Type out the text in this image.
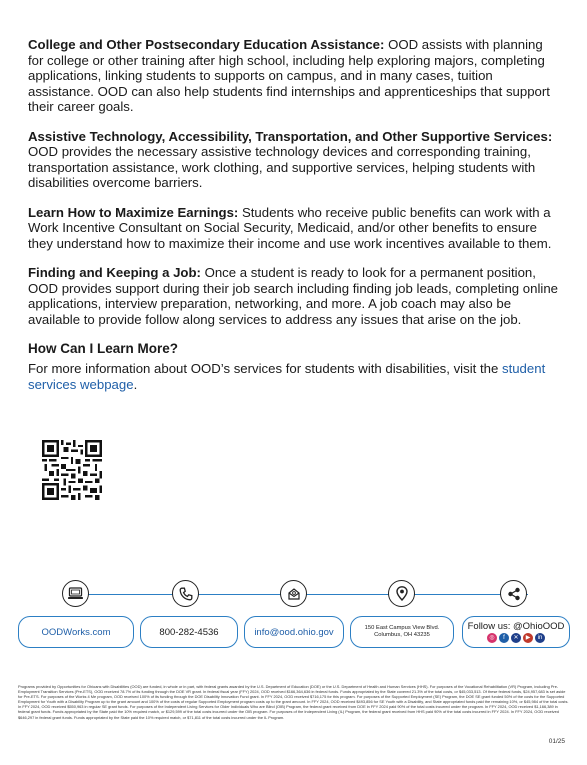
College and Other Postsecondary Education Assistance: OOD assists with planning for college or other training after high school, including help exploring majors, completing applications, linking students to supports on campus, and in many cases, tuition assistance. OOD can also help students find internships and apprenticeships that support their career goals.

Assistive Technology, Accessibility, Transportation, and Other Supportive Services: OOD provides the necessary assistive technology devices and corresponding training, transportation assistance, work clothing, and supportive services, helping students with disabilities overcome barriers.

Learn How to Maximize Earnings: Students who receive public benefits can work with a Work Incentive Consultant on Social Security, Medicaid, and/or other benefits to ensure they understand how to maximize their income and use work incentives available to them.

Finding and Keeping a Job: Once a student is ready to look for a permanent position, OOD provides support during their job search including finding job leads, completing online applications, interview preparation, networking, and more. A job coach may also be available to provide follow along services to address any issues that arise on the job.

How Can I Learn More?

For more information about OOD’s services for students with disabilities, visit the student services webpage.

OODWorks.com	800-282-4536	info@ood.ohio.gov	150 East Campus View Blvd.
Columbus, OH 43235
Follow us: @OhioOOD
◎	f	✕	▶	in
Programs provided by Opportunities for Ohioans with Disabilities (OOD) are funded, in whole or in part, with federal grants awarded by the U.S. Department of Education (DOE) or the U.S. Department of Health and Human Services (HHS). For purposes of the Vocational Rehabilitation (VR) Program, including Pre-Employment Transition Services (Pre-ETS), OOD received 78.7% of its funding through the DOE VR grant. In federal fiscal year (FFY) 2024, OOD received $166,364,636 in federal funds. Funds appropriated by the State covered 21.3% of the total costs, or $45,033,513. Of these federal funds, $24,957,683 is set aside for Pre-ETS. For purposes of the Works 4 Me program, OOD received 100% of its funding through the DOE Disability Innovation Fund grant. In FFY 2024, OOD received $716,175 for this program. For purposes of the Supported Employment (SE) Program, the DOE SE grant funded 50% of the costs for the Supported Employment for Youth with a Disability Program up to the grant amount and 100% of the costs of regular Supported Employment program costs up to the grant amount. In FFY 2024, OOD received $493,856 for SE Youth with a Disability, and State appropriated funds paid the remaining 10%, or $45,984 of the total costs. In FFY 2024, OOD received $550,963 in regular SE grant funds. For purposes of the Independent Living Services for Older Individuals Who are Blind (OIB) Program, the federal grant received from DOE in FFY 2024 paid 90% of the total costs incurred under the program. In FFY 2024, OOD received $1,166,389 in federal grant funds. Funds appropriated by the State paid the 10% required match, or $129,599 of the total costs incurred under the OIB program. For purposes of the Independent Living (IL) Program, the federal grant received from HHS paid 90% of the total costs incurred in FFY 2024. In FFY 2024, OOD received $646,297 in federal grant funds. Funds appropriated by the State paid the 10% required match, or $71,811 of the total costs incurred under the IL Program.
01/25
